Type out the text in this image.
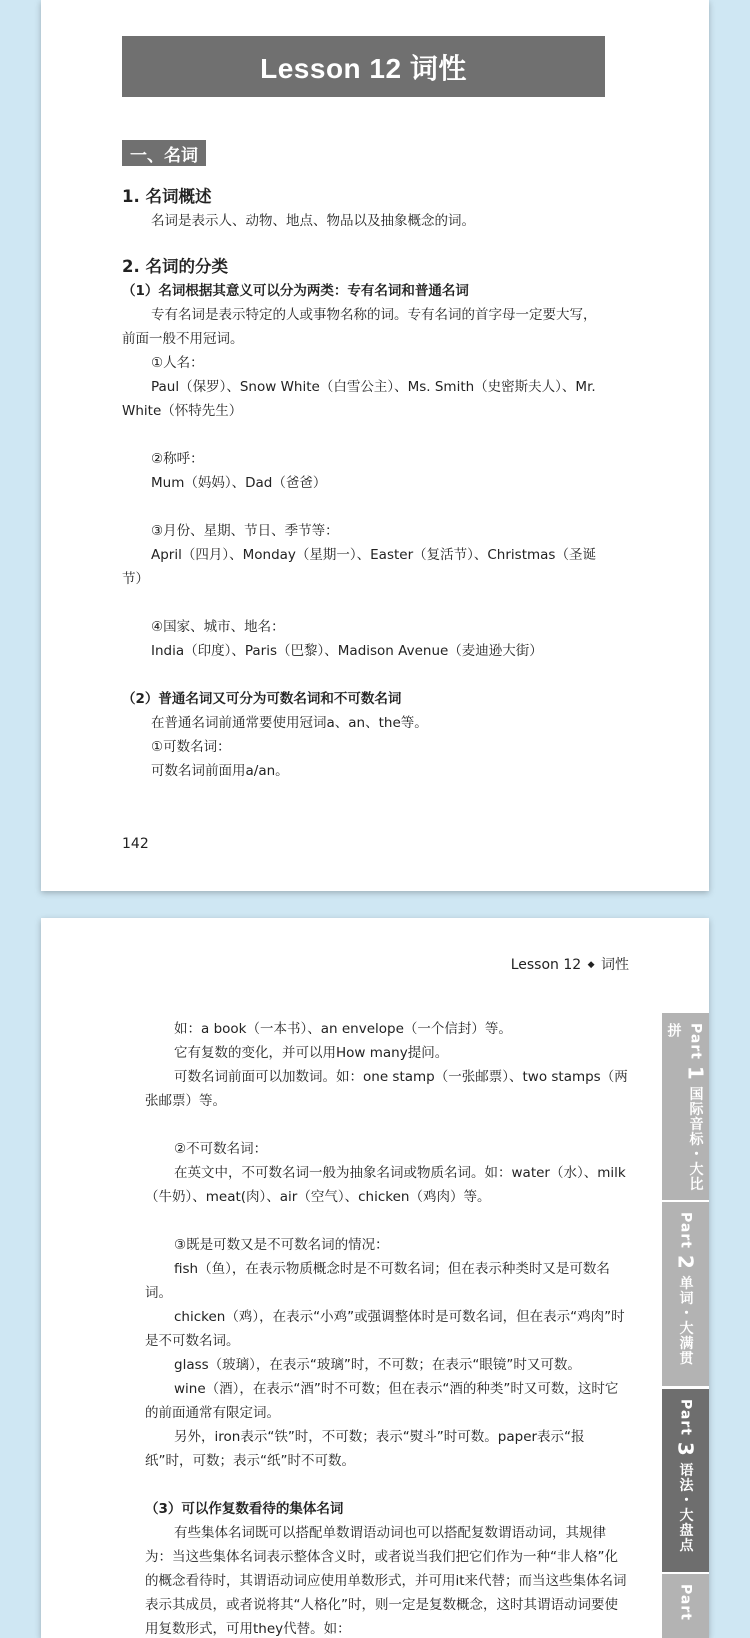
Lesson 12 词性
一、名词
1. 名词概述
名词是表示人、动物、地点、物品以及抽象概念的词。
2. 名词的分类
（1）名词根据其意义可以分为两类：专有名词和普通名词

专有名词是表示特定的人或事物名称的词。专有名词的首字母一定要大写，前面一般不用冠词。

①人名：

Paul（保罗）、Snow White（白雪公主）、Ms. Smith（史密斯夫人）、Mr. White（怀特先生）

②称呼：
Mum（妈妈）、Dad（爸爸）
③月份、星期、节日、季节等：

April（四月）、Monday（星期一）、Easter（复活节）、Christmas（圣诞节）

④国家、城市、地名：
India（印度）、Paris（巴黎）、Madison Avenue（麦迪逊大街）
（2）普通名词又可分为可数名词和不可数名词
在普通名词前通常要使用冠词a、an、the等。
①可数名词：
可数名词前面用a/an。
142
Lesson 12 ◆ 词性
如：a book（一本书）、an envelope（一个信封）等。
它有复数的变化，并可以用How many提问。

可数名词前面可以加数词。如：one stamp（一张邮票）、two stamps（两张邮票）等。

②不可数名词：

在英文中，不可数名词一般为抽象名词或物质名词。如：water（水）、milk（牛奶）、meat(肉）、air（空气）、chicken（鸡肉）等。

③既是可数又是不可数名词的情况：

fish（鱼），在表示物质概念时是不可数名词；但在表示种类时又是可数名词。

chicken（鸡），在表示“小鸡”或强调整体时是可数名词，但在表示“鸡肉”时是不可数名词。

glass（玻璃），在表示“玻璃”时，不可数；在表示“眼镜”时又可数。

wine（酒），在表示“酒”时不可数；但在表示“酒的种类”时又可数，这时它的前面通常有限定词。

另外，iron表示“铁”时，不可数；表示“熨斗”时可数。paper表示“报纸”时，可数；表示“纸”时不可数。

（3）可以作复数看待的集体名词

有些集体名词既可以搭配单数谓语动词也可以搭配复数谓语动词，其规律为：当这些集体名词表示整体含义时，或者说当我们把它们作为一种“非人格”化的概念看待时，其谓语动词应使用单数形式，并可用it来代替；而当这些集体名词表示其成员，或者说将其“人格化”时，则一定是复数概念，这时其谓语动词要使用复数形式，可用they代替。如：

Part 1 国际音标・大比拼
Part 2 单词・大满贯
Part 3 语法・大盘点
Part
